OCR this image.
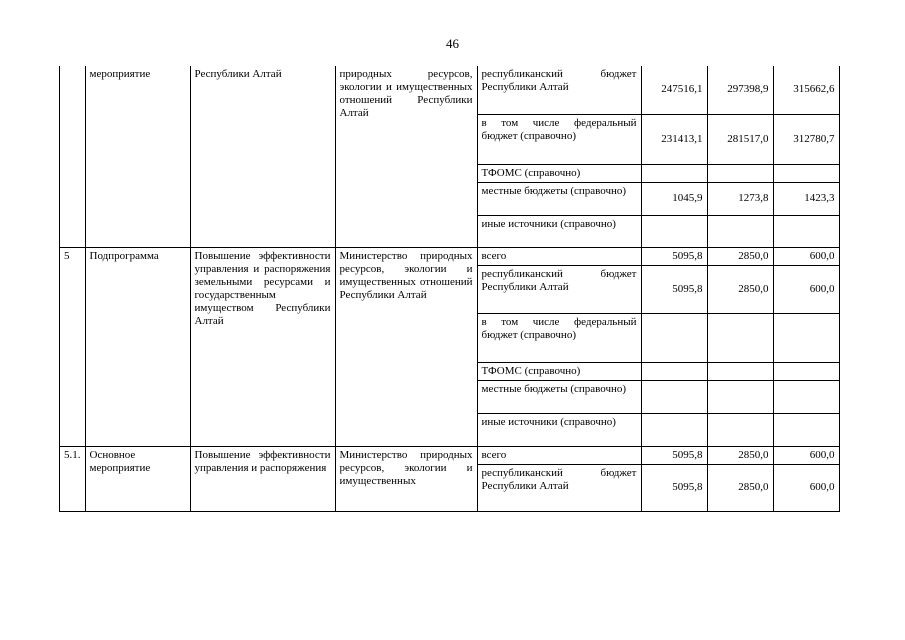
46
	мероприятие	Республики Алтай	природных ресурсов, экологии и имущественных отношений Республики Алтай	республиканский бюджет Республики Алтай	247516,1	297398,9	315662,6
				в том числе федеральный бюджет (справочно)	231413,1	281517,0	312780,7
				ТФОМС (справочно)			
				местные бюджеты (справочно)	1045,9	1273,8	1423,3
				иные источники (справочно)			
5	Подпрограмма	Повышение эффективности управления и распоряжения земельными ресурсами и государственным имуществом Республики Алтай	Министерство природных ресурсов, экологии и имущественных отношений Республики Алтай	всего	5095,8	2850,0	600,0
				республиканский бюджет Республики Алтай	5095,8	2850,0	600,0
				в том числе федеральный бюджет (справочно)			
				ТФОМС (справочно)			
				местные бюджеты (справочно)			
				иные источники (справочно)			
5.1.	Основное мероприятие	Повышение эффективности управления и распоряжения	Министерство природных ресурсов, экологии и имущественных	всего	5095,8	2850,0	600,0
				республиканский бюджет Республики Алтай	5095,8	2850,0	600,0
